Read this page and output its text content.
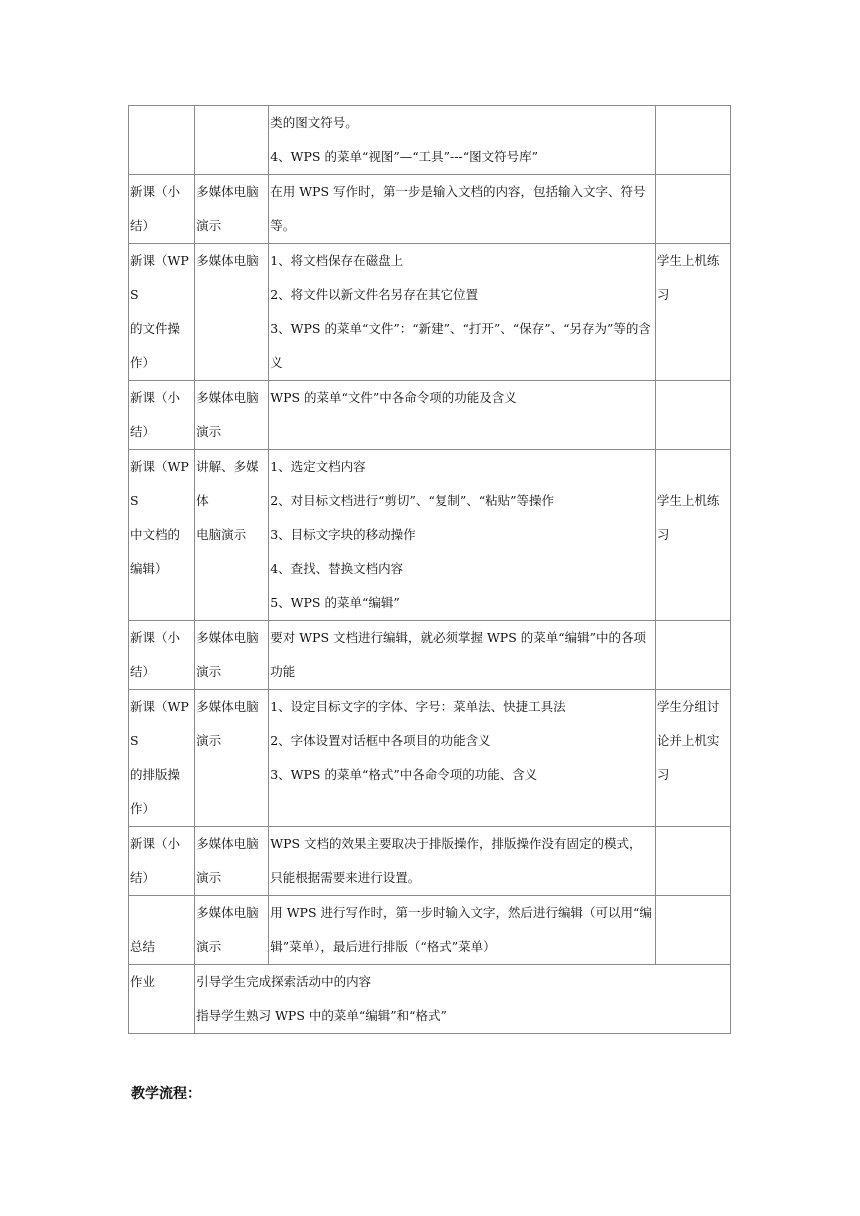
		类的图文符号。
4、WPS 的菜单“视图”—“工具”---“图文符号库”	

新课（小
结）	多媒体电脑
演示	在用 WPS 写作时，第一步是输入文档的内容，包括输入文字、符号
等。	

新课（WPS
的文件操
作）	多媒体电脑	1、将文档保存在磁盘上
2、将文件以新文件名另存在其它位置
3、WPS 的菜单“文件”：“新建”、“打开”、“保存”、“另存为”等的含
义	学生上机练
习

新课（小
结）	多媒体电脑
演示	WPS 的菜单“文件”中各命令项的功能及含义	

新课（WPS
中文档的
编辑）	讲解、多媒体
电脑演示	1、选定文档内容
2、对目标文档进行“剪切”、“复制”、“粘贴”等操作
3、目标文字块的移动操作
4、查找、替换文档内容
5、WPS 的菜单“编辑”	学生上机练
习

新课（小
结）	多媒体电脑
演示	要对 WPS 文档进行编辑，就必须掌握 WPS 的菜单“编辑”中的各项
功能	

新课（WPS
的排版操
作）	多媒体电脑
演示	1、设定目标文字的字体、字号：菜单法、快捷工具法
2、字体设置对话框中各项目的功能含义
3、WPS 的菜单“格式”中各命令项的功能、含义	学生分组讨
论并上机实
习

新课（小
结）	多媒体电脑
演示	WPS 文档的效果主要取决于排版操作，排版操作没有固定的模式，
只能根据需要来进行设置。	

总结	多媒体电脑
演示	用 WPS 进行写作时，第一步时输入文字，然后进行编辑（可以用“编
辑”菜单），最后进行排版（“格式”菜单）	

作业	引导学生完成探索活动中的内容
指导学生熟习 WPS 中的菜单“编辑”和“格式”		
教学流程：
